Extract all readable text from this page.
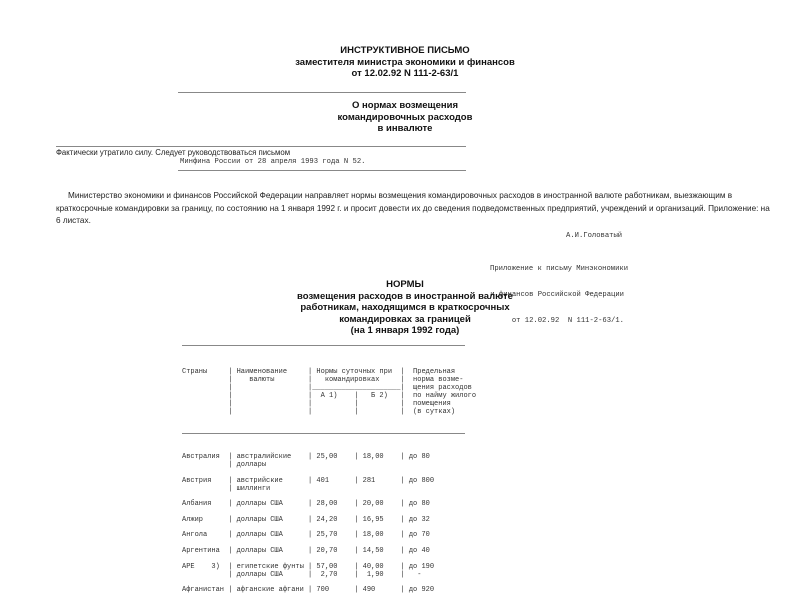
ИНСТРУКТИВНОЕ ПИСЬМО
заместителя министра экономики и финансов
от 12.02.92 N 111-2-63/1
О нормах возмещения
командировочных расходов
в инвалюте
Фактически утратило силу. Следует руководствоваться письмом
Минфина России от 28 апреля 1993 года N 52.
Министерство экономики и финансов Российской Федерации направляет нормы возмещения командировочных расходов в иностранной валюте работникам, выезжающим в краткосрочные командировки за границу, по состоянию на 1 января 1992 г. и просит довести их до сведения подведомственных предприятий, учреждений и организаций. Приложение: на 6 листах.
А.И.Головатый

Приложение к письму Минэкономики

и финансов Российской Федерации

от 12.02.92  N 111-2-63/1.

НОРМЫ
возмещения расходов в иностранной валюте
работникам, находящимся в краткосрочных
командировках за границей
(на 1 января 1992 года)

Страны     | Наименование     | Нормы суточных при  |  Предельная
|    валюты        |   командировках     |  норма возме-
|                  |_____________________|  щения расходов
|                  |  А 1)    |   Б 2)   |  по найму жилого
|                  |          |          |  помещения
|                  |          |          |  (в сутках)

Австралия  | австралийские    | 25,00    | 18,00    | до 80
| доллары
Австрия    | австрийские      | 401      | 281      | до 800
| шиллинги
Албания    | доллары США      | 28,00    | 20,00    | до 80
Алжир      | доллары США      | 24,20    | 16,95    | до 32
Ангола     | доллары США      | 25,70    | 18,00    | до 70
Аргентина  | доллары США      | 20,70    | 14,50    | до 40
АРЕ    3)  | египетские фунты | 57,00    | 40,00    | до 190
| доллары США      |  2,70    |  1,90    |   -
Афганистан | афганские афгани | 700      | 490      | до 920
